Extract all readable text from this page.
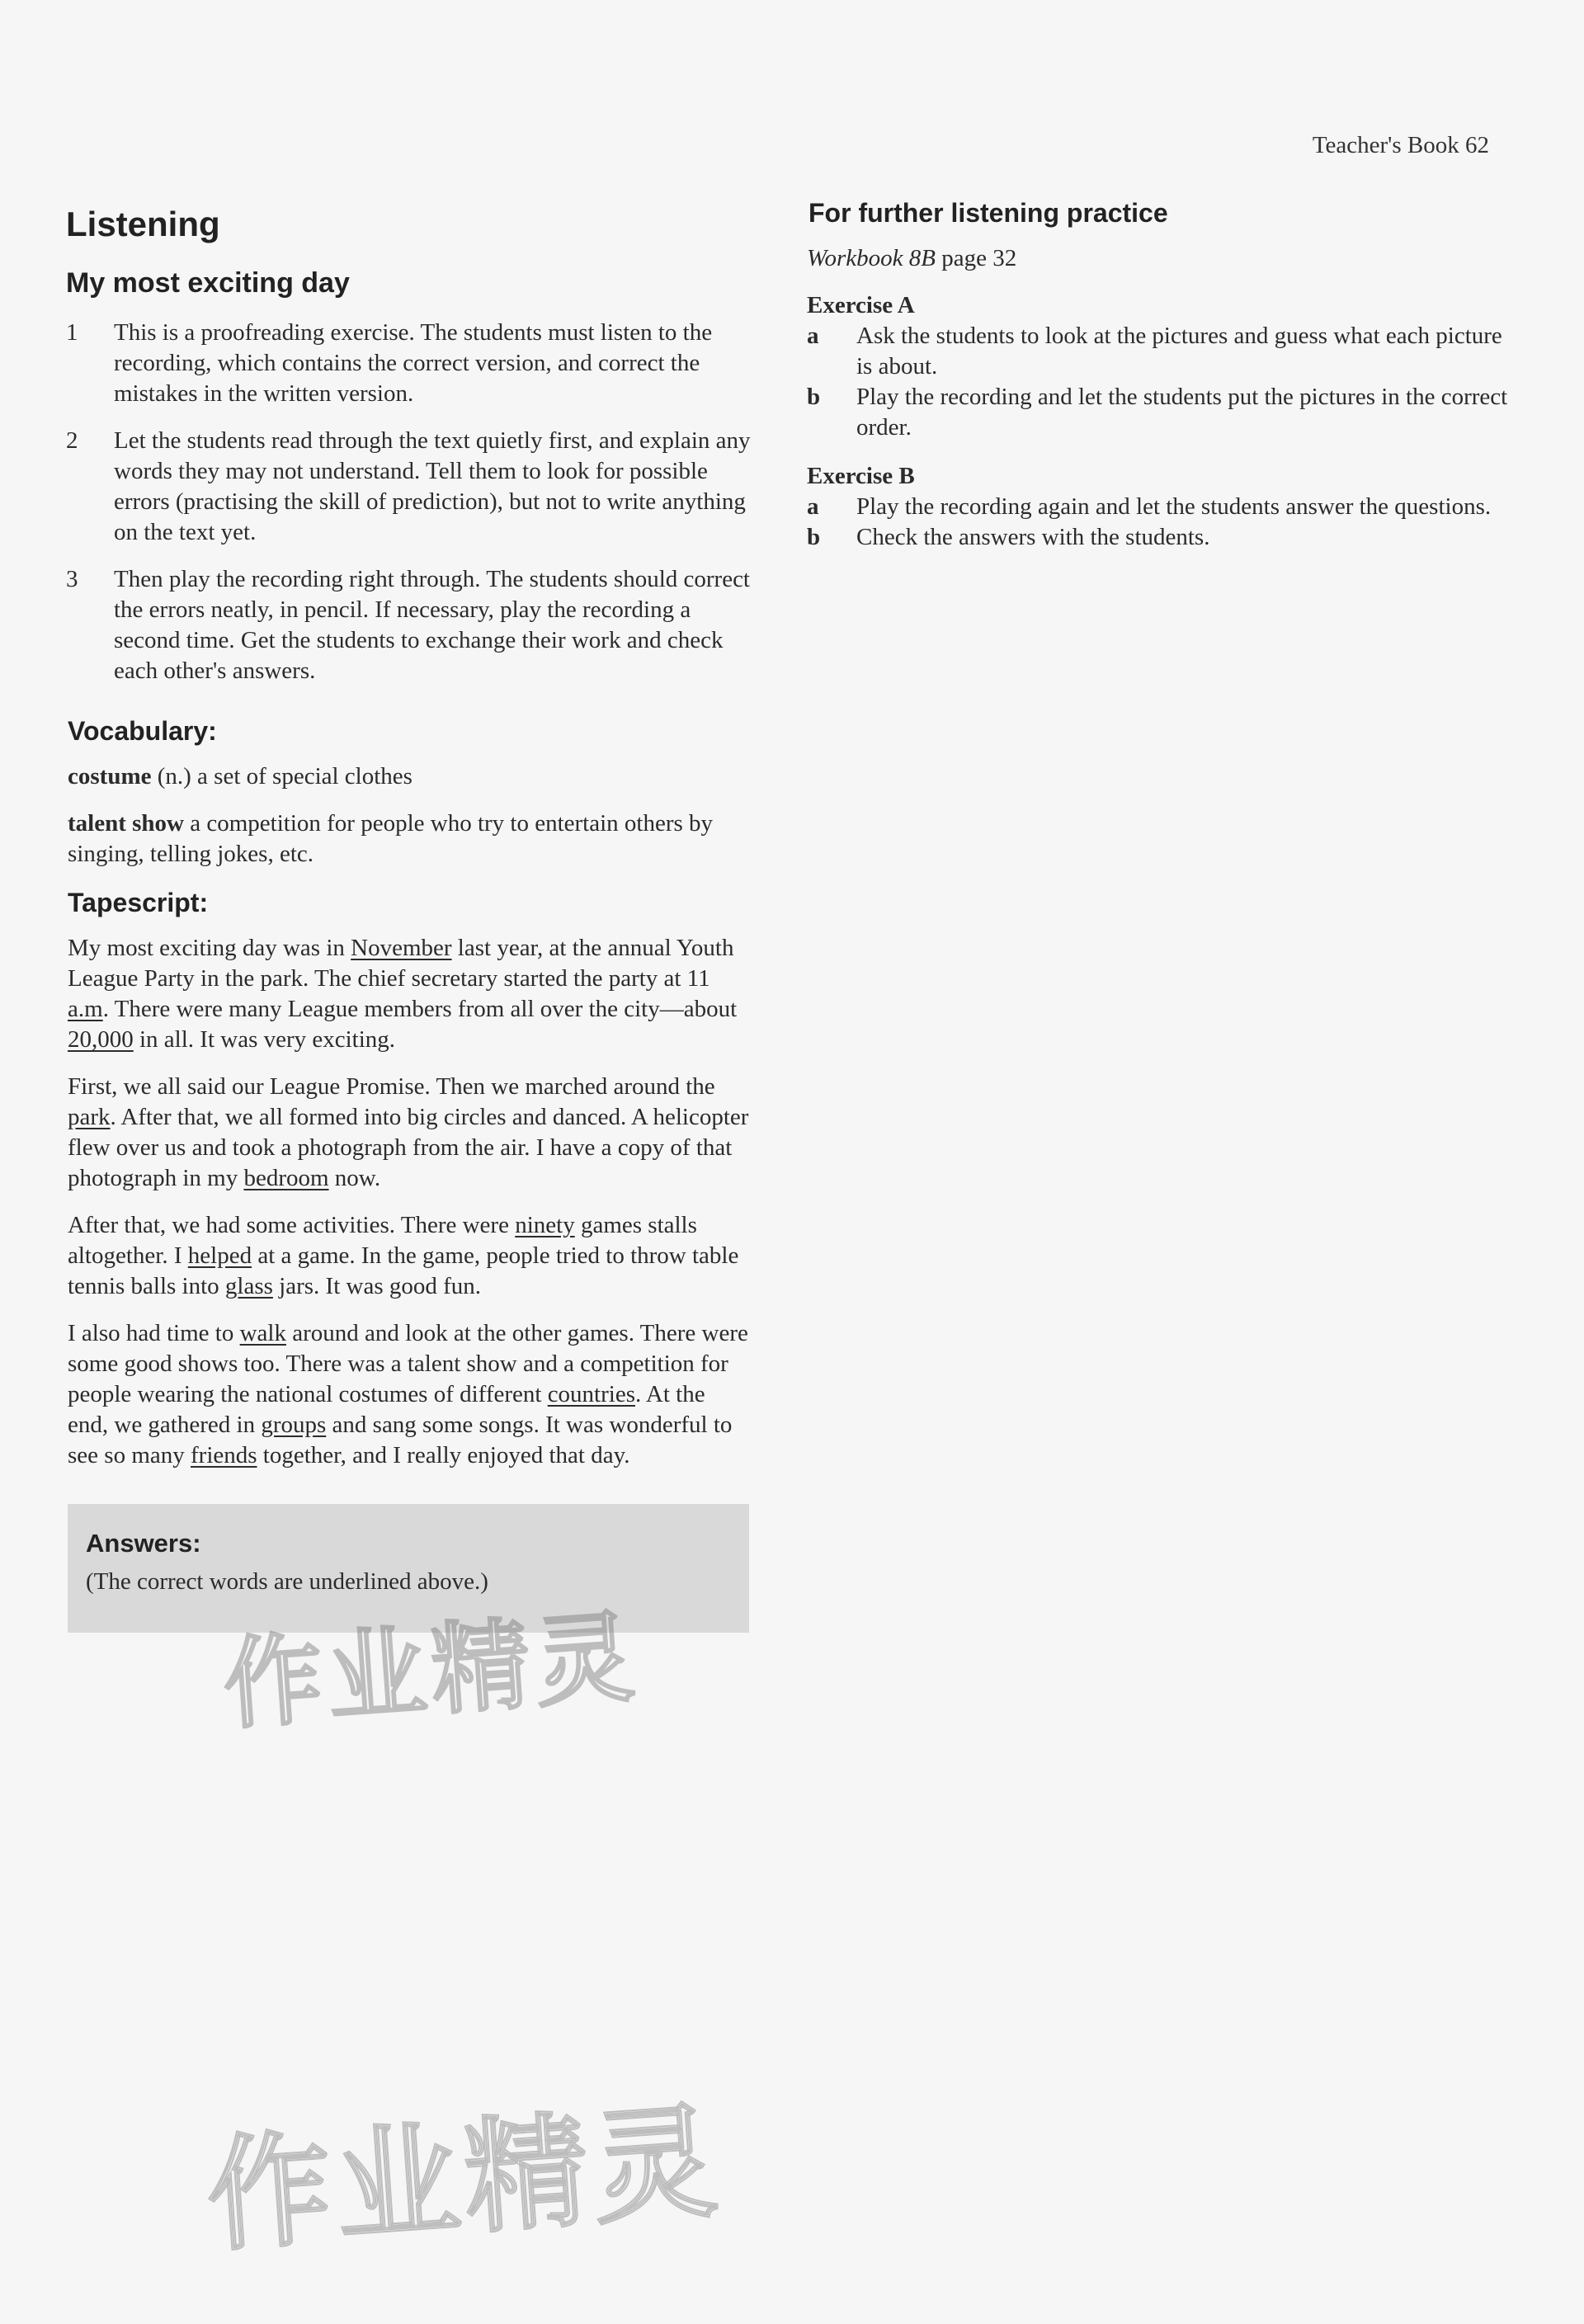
Teacher's Book 62
Listening
My most exciting day
1	This is a proofreading exercise. The students must listen to the recording, which contains the correct version, and correct the mistakes in the written version.
2	Let the students read through the text quietly first, and explain any words they may not understand. Tell them to look for possible errors (practising the skill of prediction), but not to write anything on the text yet.
3	Then play the recording right through. The students should correct the errors neatly, in pencil. If necessary, play the recording a second time. Get the students to exchange their work and check each other's answers.
Vocabulary:

costume (n.) a set of special clothes

talent show a competition for people who try to entertain others by singing, telling jokes, etc.

Tapescript:

My most exciting day was in November last year, at the annual Youth League Party in the park. The chief secretary started the party at 11 a.m. There were many League members from all over the city—about 20,000 in all. It was very exciting.

First, we all said our League Promise. Then we marched around the park. After that, we all formed into big circles and danced. A helicopter flew over us and took a photograph from the air. I have a copy of that photograph in my bedroom now.

After that, we had some activities. There were ninety games stalls altogether. I helped at a game. In the game, people tried to throw table tennis balls into glass jars. It was good fun.

I also had time to walk around and look at the other games. There were some good shows too. There was a talent show and a competition for people wearing the national costumes of different countries. At the end, we gathered in groups and sang some songs. It was wonderful to see so many friends together, and I really enjoyed that day.

Answers:

(The correct words are underlined above.)

For further listening practice
Workbook 8B page 32
Exercise A
a	Ask the students to look at the pictures and guess what each picture is about.
b	Play the recording and let the students put the pictures in the correct order.
Exercise B
a	Play the recording again and let the students answer the questions.
b	Check the answers with the students.
作业精灵
作业精灵
